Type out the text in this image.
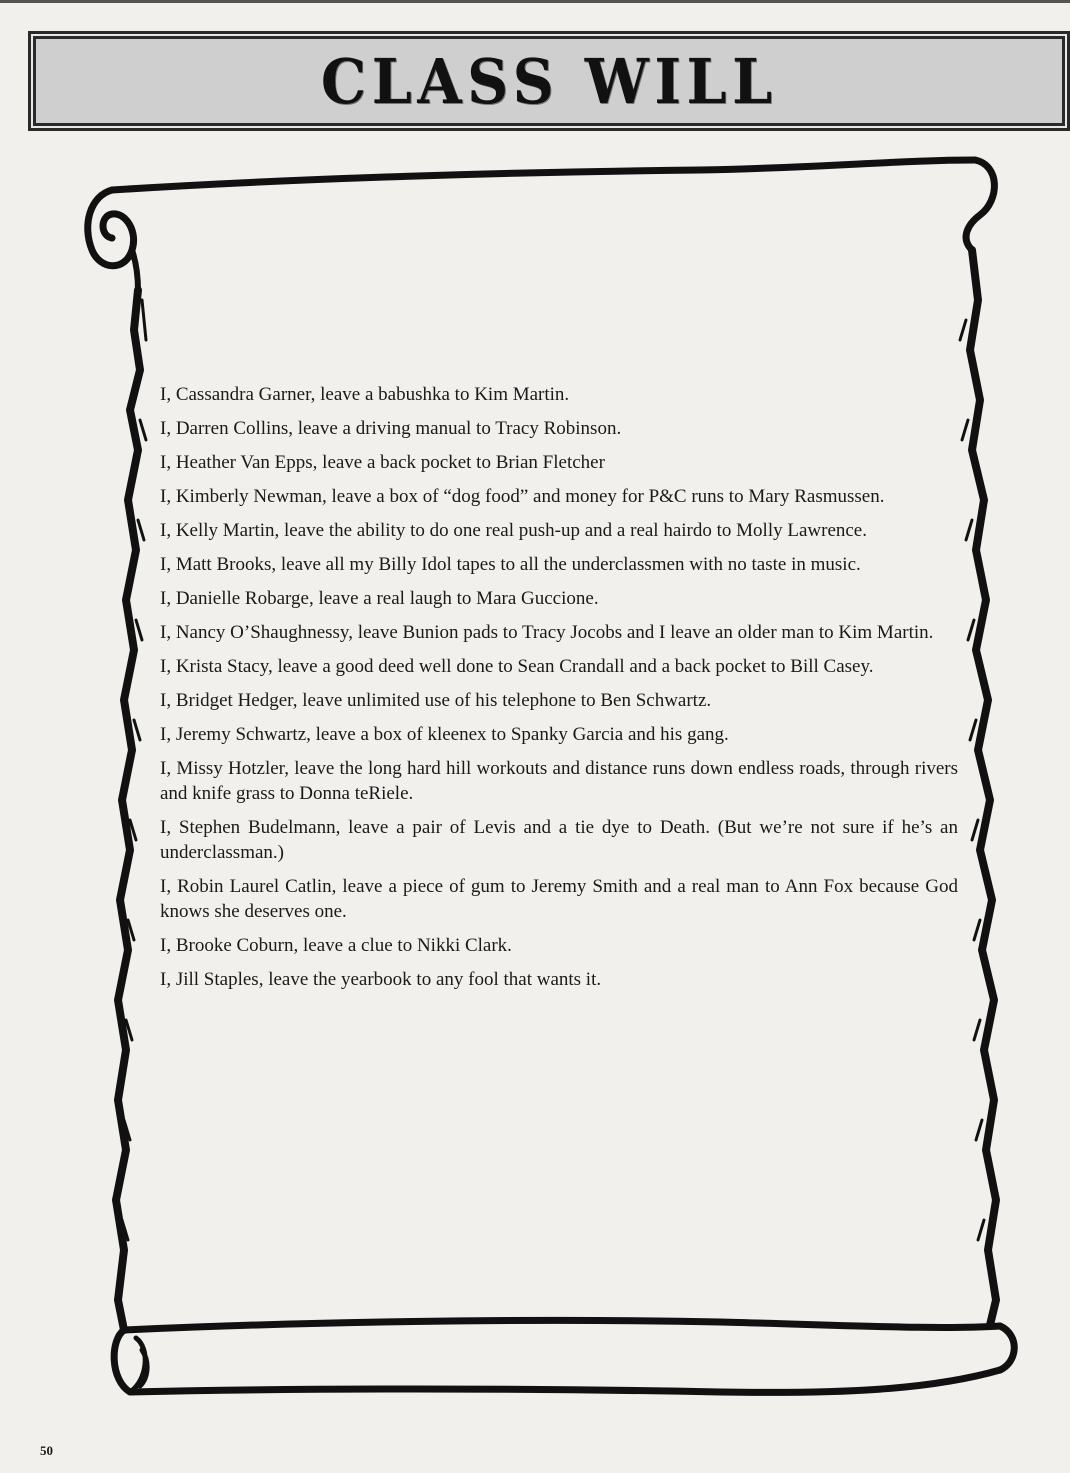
CLASS WILL
I, Cassandra Garner, leave a babushka to Kim Martin.
I, Darren Collins, leave a driving manual to Tracy Robinson.
I, Heather Van Epps, leave a back pocket to Brian Fletcher
I, Kimberly Newman, leave a box of “dog food” and money for P&C runs to Mary Rasmussen.
I, Kelly Martin, leave the ability to do one real push-up and a real hairdo to Molly Lawrence.
I, Matt Brooks, leave all my Billy Idol tapes to all the underclassmen with no taste in music.
I, Danielle Robarge, leave a real laugh to Mara Guccione.
I, Nancy O’Shaughnessy, leave Bunion pads to Tracy Jocobs and I leave an older man to Kim Martin.
I, Krista Stacy, leave a good deed well done to Sean Crandall and a back pocket to Bill Casey.
I, Bridget Hedger, leave unlimited use of his telephone to Ben Schwartz.
I, Jeremy Schwartz, leave a box of kleenex to Spanky Garcia and his gang.
I, Missy Hotzler, leave the long hard hill workouts and distance runs down endless roads, through rivers and knife grass to Donna teRiele.
I, Stephen Budelmann, leave a pair of Levis and a tie dye to Death. (But we’re not sure if he’s an underclassman.)
I, Robin Laurel Catlin, leave a piece of gum to Jeremy Smith and a real man to Ann Fox because God knows she deserves one.
I, Brooke Coburn, leave a clue to Nikki Clark.
I, Jill Staples, leave the yearbook to any fool that wants it.
50
